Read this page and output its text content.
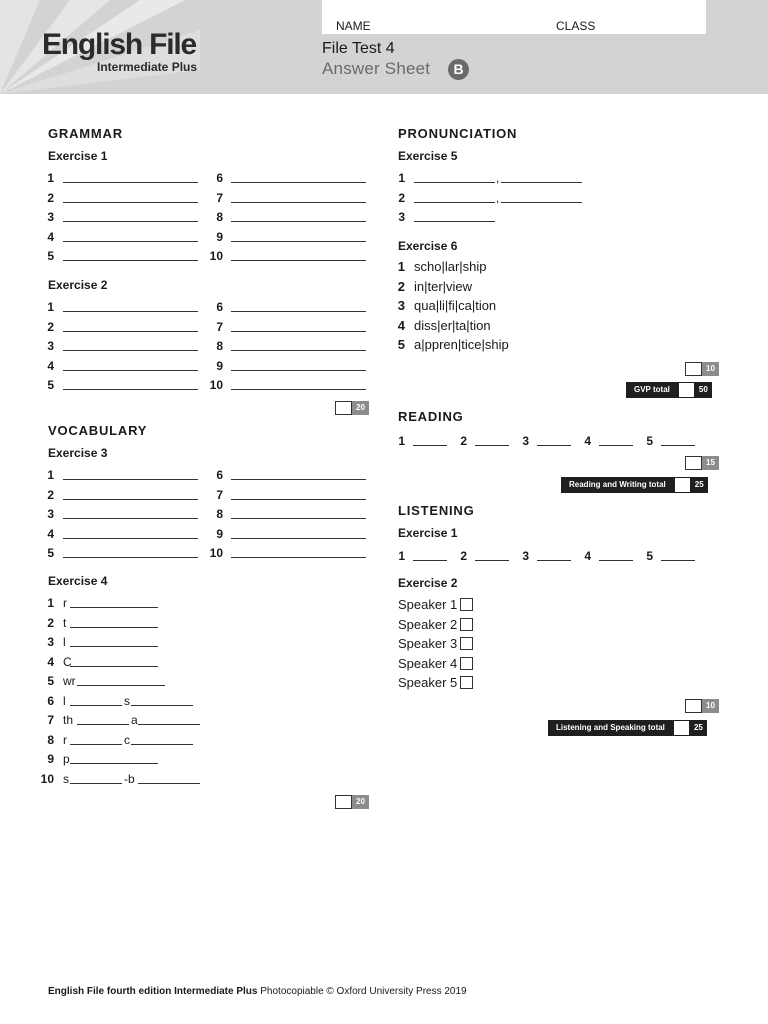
English File
Intermediate Plus
NAME	CLASS
File Test 4
Answer Sheet	B
GRAMMAR
Exercise 1
1	6
2	7
3	8
4	9
5	10
Exercise 2
1	6
2	7
3	8
4	9
5	10
20
VOCABULARY
Exercise 3
1	6
2	7
3	8
4	9
5	10
Exercise 4
1 r
2 t
3 l
4 C
5 wr
6 l	s
7 th	a
8 r	c
9 p
10 s	-b
20
PRONUNCIATION
Exercise 5
1	,
2	,
3
Exercise 6
1 scho|lar|ship
2 in|ter|view
3 qua|li|fi|ca|tion
4 diss|er|ta|tion
5 a|ppren|tice|ship
10
GVP total	50
READING
1	2	3	4	5
15
Reading and Writing total	25
LISTENING
Exercise 1
1	2	3	4	5
Exercise 2
Speaker 1
Speaker 2
Speaker 3
Speaker 4
Speaker 5
10
Listening and Speaking total	25
English File fourth edition Intermediate Plus Photocopiable © Oxford University Press 2019
